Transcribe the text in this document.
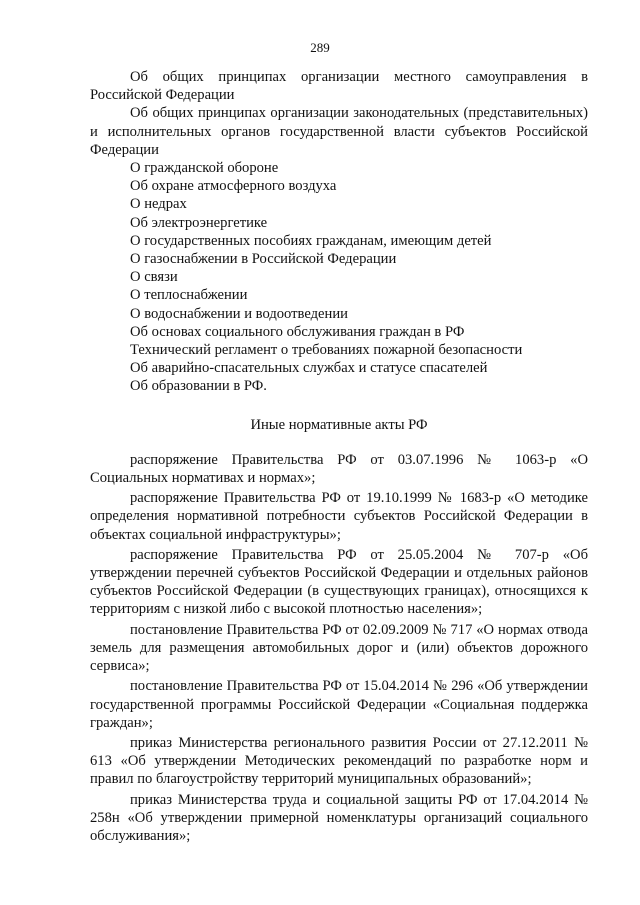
289

Об общих принципах организации местного самоуправления в Российской Федерации

Об общих принципах организации законодательных (представительных) и исполнительных органов государственной власти субъектов Российской Федерации

О гражданской обороне

Об охране атмосферного воздуха

О недрах

Об электроэнергетике

О государственных пособиях гражданам, имеющим детей

О газоснабжении в Российской Федерации

О связи

О теплоснабжении

О водоснабжении и водоотведении

Об основах социального обслуживания граждан в РФ

Технический регламент о требованиях пожарной безопасности

Об аварийно-спасательных службах и статусе спасателей

Об образовании в РФ.

Иные нормативные акты РФ

распоряжение Правительства РФ от 03.07.1996 № 1063-р «О Социальных нормативах и нормах»;

распоряжение Правительства РФ от 19.10.1999 № 1683-р «О методике определения нормативной потребности субъектов Российской Федерации в объектах социальной инфраструктуры»;

распоряжение Правительства РФ от 25.05.2004 № 707-р «Об утверждении перечней субъектов Российской Федерации и отдельных районов субъектов Российской Федерации (в существующих границах), относящихся к территориям с низкой либо с высокой плотностью населения»;

постановление Правительства РФ от 02.09.2009 № 717 «О нормах отвода земель для размещения автомобильных дорог и (или) объектов дорожного сервиса»;

постановление Правительства РФ от 15.04.2014 № 296 «Об утверждении государственной программы Российской Федерации «Социальная поддержка граждан»;

приказ Министерства регионального развития России от 27.12.2011 № 613 «Об утверждении Методических рекомендаций по разработке норм и правил по благоустройству территорий муниципальных образований»;

приказ Министерства труда и социальной защиты РФ от 17.04.2014 № 258н «Об утверждении примерной номенклатуры организаций социального обслуживания»;
